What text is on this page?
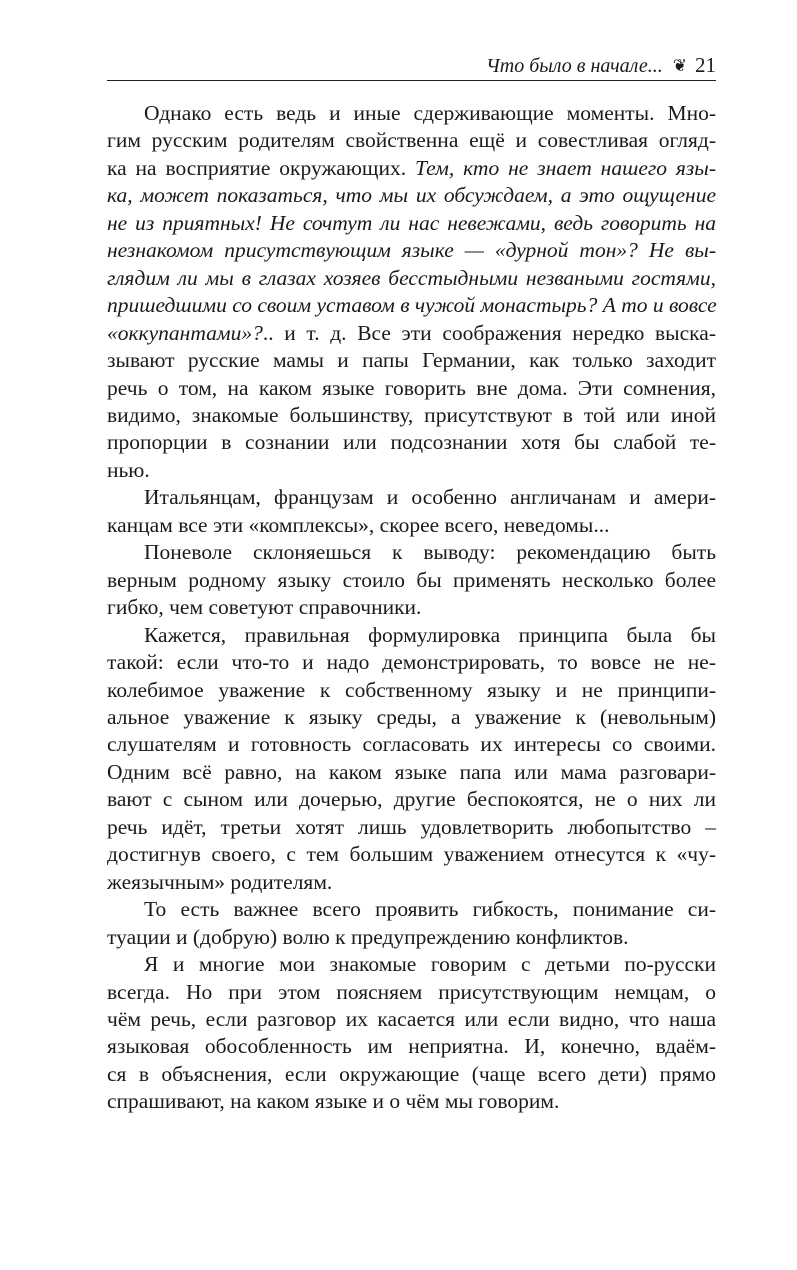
Что было в начале... ❦ 21
Однако есть ведь и иные сдерживающие моменты. Мно-
гим русским родителям свойственна ещё и совестливая огляд-
ка на восприятие окружающих. Тем, кто не знает нашего язы-
ка, может показаться, что мы их обсуждаем, а это ощущение
не из приятных! Не сочтут ли нас невежами, ведь говорить на
незнакомом присутствующим языке — «дурной тон»? Не вы-
глядим ли мы в глазах хозяев бесстыдными незваными гостями,
пришедшими со своим уставом в чужой монастырь? А то и вовсе
«оккупантами»?.. и т. д. Все эти соображения нередко выска-
зывают русские мамы и папы Германии, как только заходит
речь о том, на каком языке говорить вне дома. Эти сомнения,
видимо, знакомые большинству, присутствуют в той или иной
пропорции в сознании или подсознании хотя бы слабой те-
нью.
Итальянцам, французам и особенно англичанам и амери-
канцам все эти «комплексы», скорее всего, неведомы...
Поневоле склоняешься к выводу: рекомендацию быть
верным родному языку стоило бы применять несколько более
гибко, чем советуют справочники.
Кажется, правильная формулировка принципа была бы
такой: если что-то и надо демонстрировать, то вовсе не не-
колебимое уважение к собственному языку и не принципи-
альное уважение к языку среды, а уважение к (невольным)
слушателям и готовность согласовать их интересы со своими.
Одним всё равно, на каком языке папа или мама разговари-
вают с сыном или дочерью, другие беспокоятся, не о них ли
речь идёт, третьи хотят лишь удовлетворить любопытство –
достигнув своего, с тем большим уважением отнесутся к «чу-
жеязычным» родителям.
То есть важнее всего проявить гибкость, понимание си-
туации и (добрую) волю к предупреждению конфликтов.
Я и многие мои знакомые говорим с детьми по-русски
всегда. Но при этом поясняем присутствующим немцам, о
чём речь, если разговор их касается или если видно, что наша
языковая обособленность им неприятна. И, конечно, вдаём-
ся в объяснения, если окружающие (чаще всего дети) прямо
спрашивают, на каком языке и о чём мы говорим.
